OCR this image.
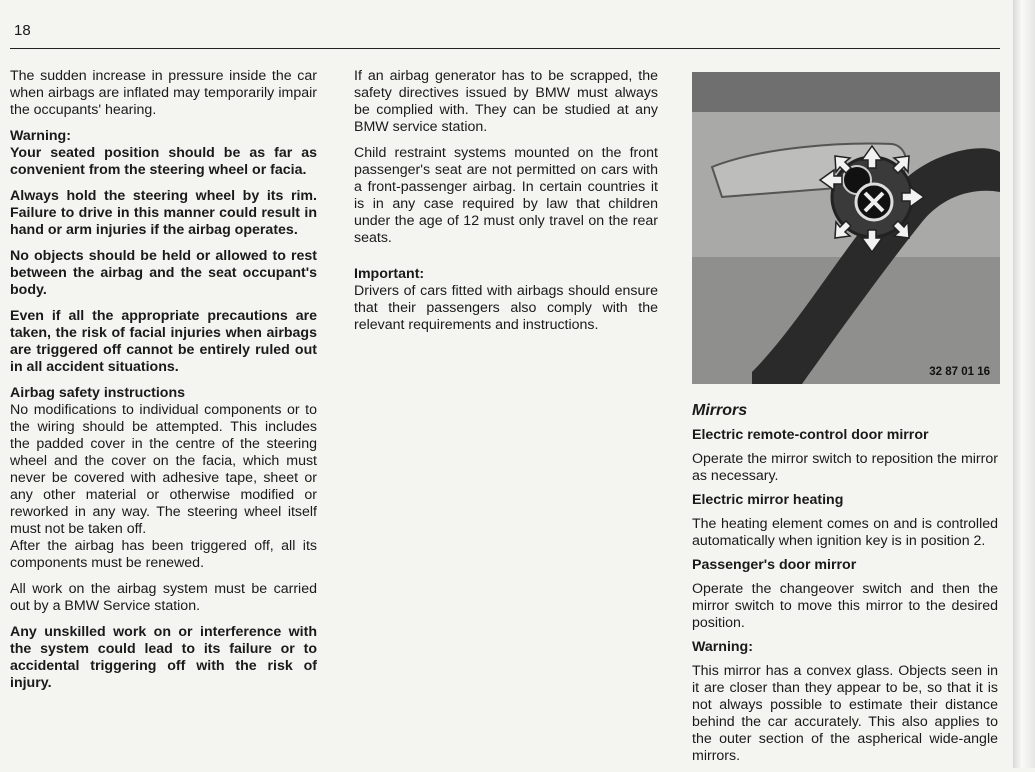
18

The sudden increase in pressure inside the car when airbags are inflated may temporarily impair the occupants' hearing.

Warning:

Your seated position should be as far as convenient from the steering wheel or facia.

Always hold the steering wheel by its rim. Failure to drive in this manner could result in hand or arm injuries if the airbag operates.

No objects should be held or allowed to rest between the airbag and the seat occupant's body.

Even if all the appropriate precautions are taken, the risk of facial injuries when airbags are triggered off cannot be entirely ruled out in all accident situations.

Airbag safety instructions

No modifications to individual components or to the wiring should be attempted. This includes the padded cover in the centre of the steering wheel and the cover on the facia, which must never be covered with adhesive tape, sheet or any other material or otherwise modified or reworked in any way. The steering wheel itself must not be taken off.

After the airbag has been triggered off, all its components must be renewed.

All work on the airbag system must be carried out by a BMW Service station.

Any unskilled work on or interference with the system could lead to its failure or to accidental triggering off with the risk of injury.

If an airbag generator has to be scrapped, the safety directives issued by BMW must always be complied with. They can be studied at any BMW service station.

Child restraint systems mounted on the front passenger's seat are not permitted on cars with a front-passenger airbag. In certain countries it is in any case required by law that children under the age of 12 must only travel on the rear seats.

Important:

Drivers of cars fitted with airbags should ensure that their passengers also comply with the relevant requirements and instructions.

32 87 01 16

Mirrors

Electric remote-control door mirror

Operate the mirror switch to reposition the mirror as necessary.

Electric mirror heating

The heating element comes on and is controlled automatically when ignition key is in position 2.

Passenger's door mirror

Operate the changeover switch and then the mirror switch to move this mirror to the desired position.

Warning:

This mirror has a convex glass. Objects seen in it are closer than they appear to be, so that it is not always possible to estimate their distance behind the car accurately. This also applies to the outer section of the aspherical wide-angle mirrors.
